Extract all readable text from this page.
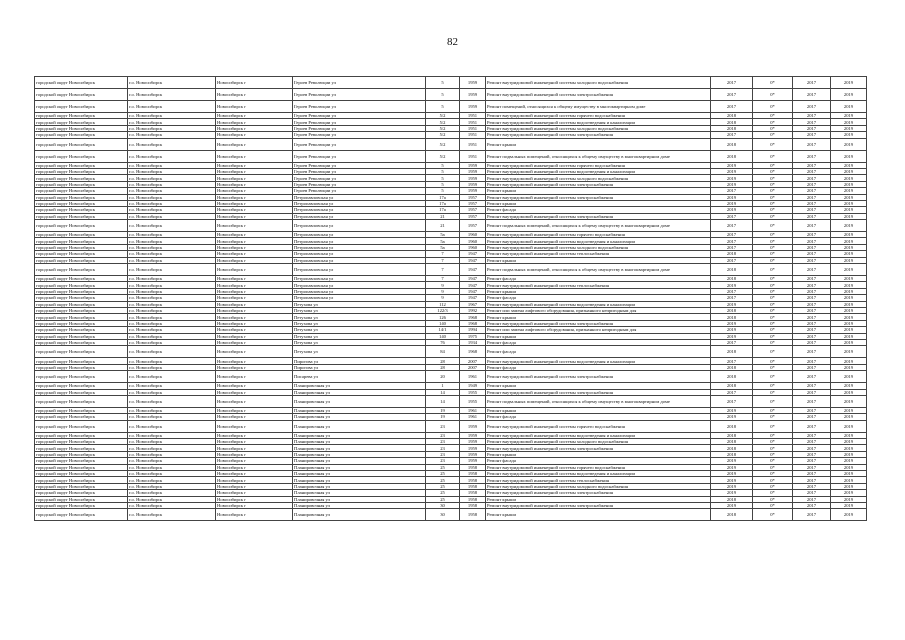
82
городской округ Новосибирск	г.о. Новосибирск	Новосибирск г	Героев Революции ул	5	1959	Ремонт внутридомовой инженерной системы холодного водоснабжения	2017	0*	2017	2019
городской округ Новосибирск	г.о. Новосибирск	Новосибирск г	Героев Революции ул	5	1959	Ремонт внутридомовой инженерной системы электроснабжения	2017	0*	2017	2019
городской округ Новосибирск	г.о. Новосибирск	Новосибирск г	Героев Революции ул	5	1959	Ремонт помещений, относящихся к общему имуществу в многоквартирном доме	2017	0*	2017	2019
городской округ Новосибирск	г.о. Новосибирск	Новосибирск г	Героев Революции ул	5/2	1951	Ремонт внутридомовой инженерной системы горячего водоснабжения	2018	0*	2017	2019
городской округ Новосибирск	г.о. Новосибирск	Новосибирск г	Героев Революции ул	5/2	1951	Ремонт внутридомовой инженерной системы водоотведения и канализации	2018	0*	2017	2019
городской округ Новосибирск	г.о. Новосибирск	Новосибирск г	Героев Революции ул	5/2	1951	Ремонт внутридомовой инженерной системы холодного водоснабжения	2018	0*	2017	2019
городской округ Новосибирск	г.о. Новосибирск	Новосибирск г	Героев Революции ул	5/2	1951	Ремонт внутридомовой инженерной системы электроснабжения	2017	0*	2017	2019
городской округ Новосибирск	г.о. Новосибирск	Новосибирск г	Героев Революции ул	5/2	1951	Ремонт крыши	2018	0*	2017	2019
городской округ Новосибирск	г.о. Новосибирск	Новосибирск г	Героев Революции ул	5/2	1951	Ремонт подвальных помещений, относящихся к общему имуществу в многоквартирном доме	2018	0*	2017	2019
городской округ Новосибирск	г.о. Новосибирск	Новосибирск г	Героев Революции ул	5	1959	Ремонт внутридомовой инженерной системы горячего водоснабжения	2019	0*	2017	2019
городской округ Новосибирск	г.о. Новосибирск	Новосибирск г	Героев Революции ул	5	1959	Ремонт внутридомовой инженерной системы водоотведения и канализации	2019	0*	2017	2019
городской округ Новосибирск	г.о. Новосибирск	Новосибирск г	Героев Революции ул	5	1959	Ремонт внутридомовой инженерной системы холодного водоснабжения	2019	0*	2017	2019
городской округ Новосибирск	г.о. Новосибирск	Новосибирск г	Героев Революции ул	5	1959	Ремонт внутридомовой инженерной системы электроснабжения	2019	0*	2017	2019
городской округ Новосибирск	г.о. Новосибирск	Новосибирск г	Героев Революции ул	5	1959	Ремонт крыши	2017	0*	2017	2019
городской округ Новосибирск	г.о. Новосибирск	Новосибирск г	Петропавловская ул	17а	1957	Ремонт внутридомовой инженерной системы электроснабжения	2019	0*	2017	2019
городской округ Новосибирск	г.о. Новосибирск	Новосибирск г	Петропавловская ул	17а	1957	Ремонт крыши	2019	0*	2017	2019
городской округ Новосибирск	г.о. Новосибирск	Новосибирск г	Петропавловская ул	17а	1957	Ремонт фасада	2019	0*	2017	2019
городской округ Новосибирск	г.о. Новосибирск	Новосибирск г	Петропавловская ул	21	1957	Ремонт внутридомовой инженерной системы электроснабжения	2017	0*	2017	2019
городской округ Новосибирск	г.о. Новосибирск	Новосибирск г	Петропавловская ул	21	1957	Ремонт подвальных помещений, относящихся к общему имуществу в многоквартирном доме	2017	0*	2017	2019
городской округ Новосибирск	г.о. Новосибирск	Новосибирск г	Петропавловская ул	5а	1960	Ремонт внутридомовой инженерной системы горячего водоснабжения	2017	0*	2017	2019
городской округ Новосибирск	г.о. Новосибирск	Новосибирск г	Петропавловская ул	5а	1960	Ремонт внутридомовой инженерной системы водоотведения и канализации	2017	0*	2017	2019
городской округ Новосибирск	г.о. Новосибирск	Новосибирск г	Петропавловская ул	5а	1960	Ремонт внутридомовой инженерной системы холодного водоснабжения	2017	0*	2017	2019
городской округ Новосибирск	г.о. Новосибирск	Новосибирск г	Петропавловская ул	7	1947	Ремонт внутридомовой инженерной системы теплоснабжения	2018	0*	2017	2019
городской округ Новосибирск	г.о. Новосибирск	Новосибирск г	Петропавловская ул	7	1947	Ремонт крыши	2017	0*	2017	2019
городской округ Новосибирск	г.о. Новосибирск	Новосибирск г	Петропавловская ул	7	1947	Ремонт подвальных помещений, относящихся к общему имуществу в многоквартирном доме	2018	0*	2017	2019
городской округ Новосибирск	г.о. Новосибирск	Новосибирск г	Петропавловская ул	7	1947	Ремонт фасада	2018	0*	2017	2019
городской округ Новосибирск	г.о. Новосибирск	Новосибирск г	Петропавловская ул	9	1947	Ремонт внутридомовой инженерной системы теплоснабжения	2019	0*	2017	2019
городской округ Новосибирск	г.о. Новосибирск	Новосибирск г	Петропавловская ул	9	1947	Ремонт крыши	2017	0*	2017	2019
городской округ Новосибирск	г.о. Новосибирск	Новосибирск г	Петропавловская ул	9	1947	Ремонт фасада	2017	0*	2017	2019
городской округ Новосибирск	г.о. Новосибирск	Новосибирск г	Петухова ул	112	1967	Ремонт внутридомовой инженерной системы водоотведения и канализации	2019	0*	2017	2019
городской округ Новосибирск	г.о. Новосибирск	Новосибирск г	Петухова ул	122/3	1992	Ремонт или замена лифтового оборудования, признанного непригодным для	2018	0*	2017	2019
городской округ Новосибирск	г.о. Новосибирск	Новосибирск г	Петухова ул	126	1968	Ремонт крыши	2018	0*	2017	2019
городской округ Новосибирск	г.о. Новосибирск	Новосибирск г	Петухова ул	140	1968	Ремонт внутридомовой инженерной системы электроснабжения	2019	0*	2017	2019
городской округ Новосибирск	г.о. Новосибирск	Новосибирск г	Петухова ул	14/1	1994	Ремонт или замена лифтового оборудования, признанного непригодным для	2019	0*	2017	2019
городской округ Новосибирск	г.о. Новосибирск	Новосибирск г	Петухова ул	140	1975	Ремонт крыши	2019	0*	2017	2019
городской округ Новосибирск	г.о. Новосибирск	Новосибирск г	Петухова ул	76	1934	Ремонт фасада	2017	0*	2017	2019
городской округ Новосибирск	г.о. Новосибирск	Новосибирск г	Петухова ул	84	1968	Ремонт фасада	2018	0*	2017	2019
городской округ Новосибирск	г.о. Новосибирск	Новосибирск г	Пирогова ул	28	2007	Ремонт внутридомовой инженерной системы водоотведения и канализации	2017	0*	2017	2019
городской округ Новосибирск	г.о. Новосибирск	Новосибирск г	Пирогова ул	28	2007	Ремонт фасада	2018	0*	2017	2019
городской округ Новосибирск	г.о. Новосибирск	Новосибирск г	Писарева ул	20	1961	Ремонт внутридомовой инженерной системы электроснабжения	2018	0*	2017	2019
городской округ Новосибирск	г.о. Новосибирск	Новосибирск г	Планировочная ул	1	1949	Ремонт крыши	2018	0*	2017	2019
городской округ Новосибирск	г.о. Новосибирск	Новосибирск г	Планировочная ул	14	1955	Ремонт внутридомовой инженерной системы электроснабжения	2017	0*	2017	2019
городской округ Новосибирск	г.о. Новосибирск	Новосибирск г	Планировочная ул	14	1955	Ремонт подвальных помещений, относящихся к общему имуществу в многоквартирном доме	2017	0*	2017	2019
городской округ Новосибирск	г.о. Новосибирск	Новосибирск г	Планировочная ул	19	1961	Ремонт крыши	2019	0*	2017	2019
городской округ Новосибирск	г.о. Новосибирск	Новосибирск г	Планировочная ул	19	1961	Ремонт фасада	2019	0*	2017	2019
городской округ Новосибирск	г.о. Новосибирск	Новосибирск г	Планировочная ул	23	1959	Ремонт внутридомовой инженерной системы горячего водоснабжения	2018	0*	2017	2019
городской округ Новосибирск	г.о. Новосибирск	Новосибирск г	Планировочная ул	23	1959	Ремонт внутридомовой инженерной системы водоотведения и канализации	2018	0*	2017	2019
городской округ Новосибирск	г.о. Новосибирск	Новосибирск г	Планировочная ул	23	1959	Ремонт внутридомовой инженерной системы холодного водоснабжения	2018	0*	2017	2019
городской округ Новосибирск	г.о. Новосибирск	Новосибирск г	Планировочная ул	23	1959	Ремонт внутридомовой инженерной системы электроснабжения	2018	0*	2017	2019
городской округ Новосибирск	г.о. Новосибирск	Новосибирск г	Планировочная ул	23	1959	Ремонт крыши	2018	0*	2017	2019
городской округ Новосибирск	г.о. Новосибирск	Новосибирск г	Планировочная ул	23	1959	Ремонт фасада	2019	0*	2017	2019
городской округ Новосибирск	г.о. Новосибирск	Новосибирск г	Планировочная ул	25	1958	Ремонт внутридомовой инженерной системы горячего водоснабжения	2019	0*	2017	2019
городской округ Новосибирск	г.о. Новосибирск	Новосибирск г	Планировочная ул	25	1958	Ремонт внутридомовой инженерной системы водоотведения и канализации	2019	0*	2017	2019
городской округ Новосибирск	г.о. Новосибирск	Новосибирск г	Планировочная ул	25	1958	Ремонт внутридомовой инженерной системы теплоснабжения	2019	0*	2017	2019
городской округ Новосибирск	г.о. Новосибирск	Новосибирск г	Планировочная ул	25	1958	Ремонт внутридомовой инженерной системы холодного водоснабжения	2019	0*	2017	2019
городской округ Новосибирск	г.о. Новосибирск	Новосибирск г	Планировочная ул	25	1958	Ремонт внутридомовой инженерной системы электроснабжения	2019	0*	2017	2019
городской округ Новосибирск	г.о. Новосибирск	Новосибирск г	Планировочная ул	25	1958	Ремонт крыши	2018	0*	2017	2019
городской округ Новосибирск	г.о. Новосибирск	Новосибирск г	Планировочная ул	30	1958	Ремонт внутридомовой инженерной системы электроснабжения	2019	0*	2017	2019
городской округ Новосибирск	г.о. Новосибирск	Новосибирск г	Планировочная ул	30	1958	Ремонт крыши	2018	0*	2017	2019
